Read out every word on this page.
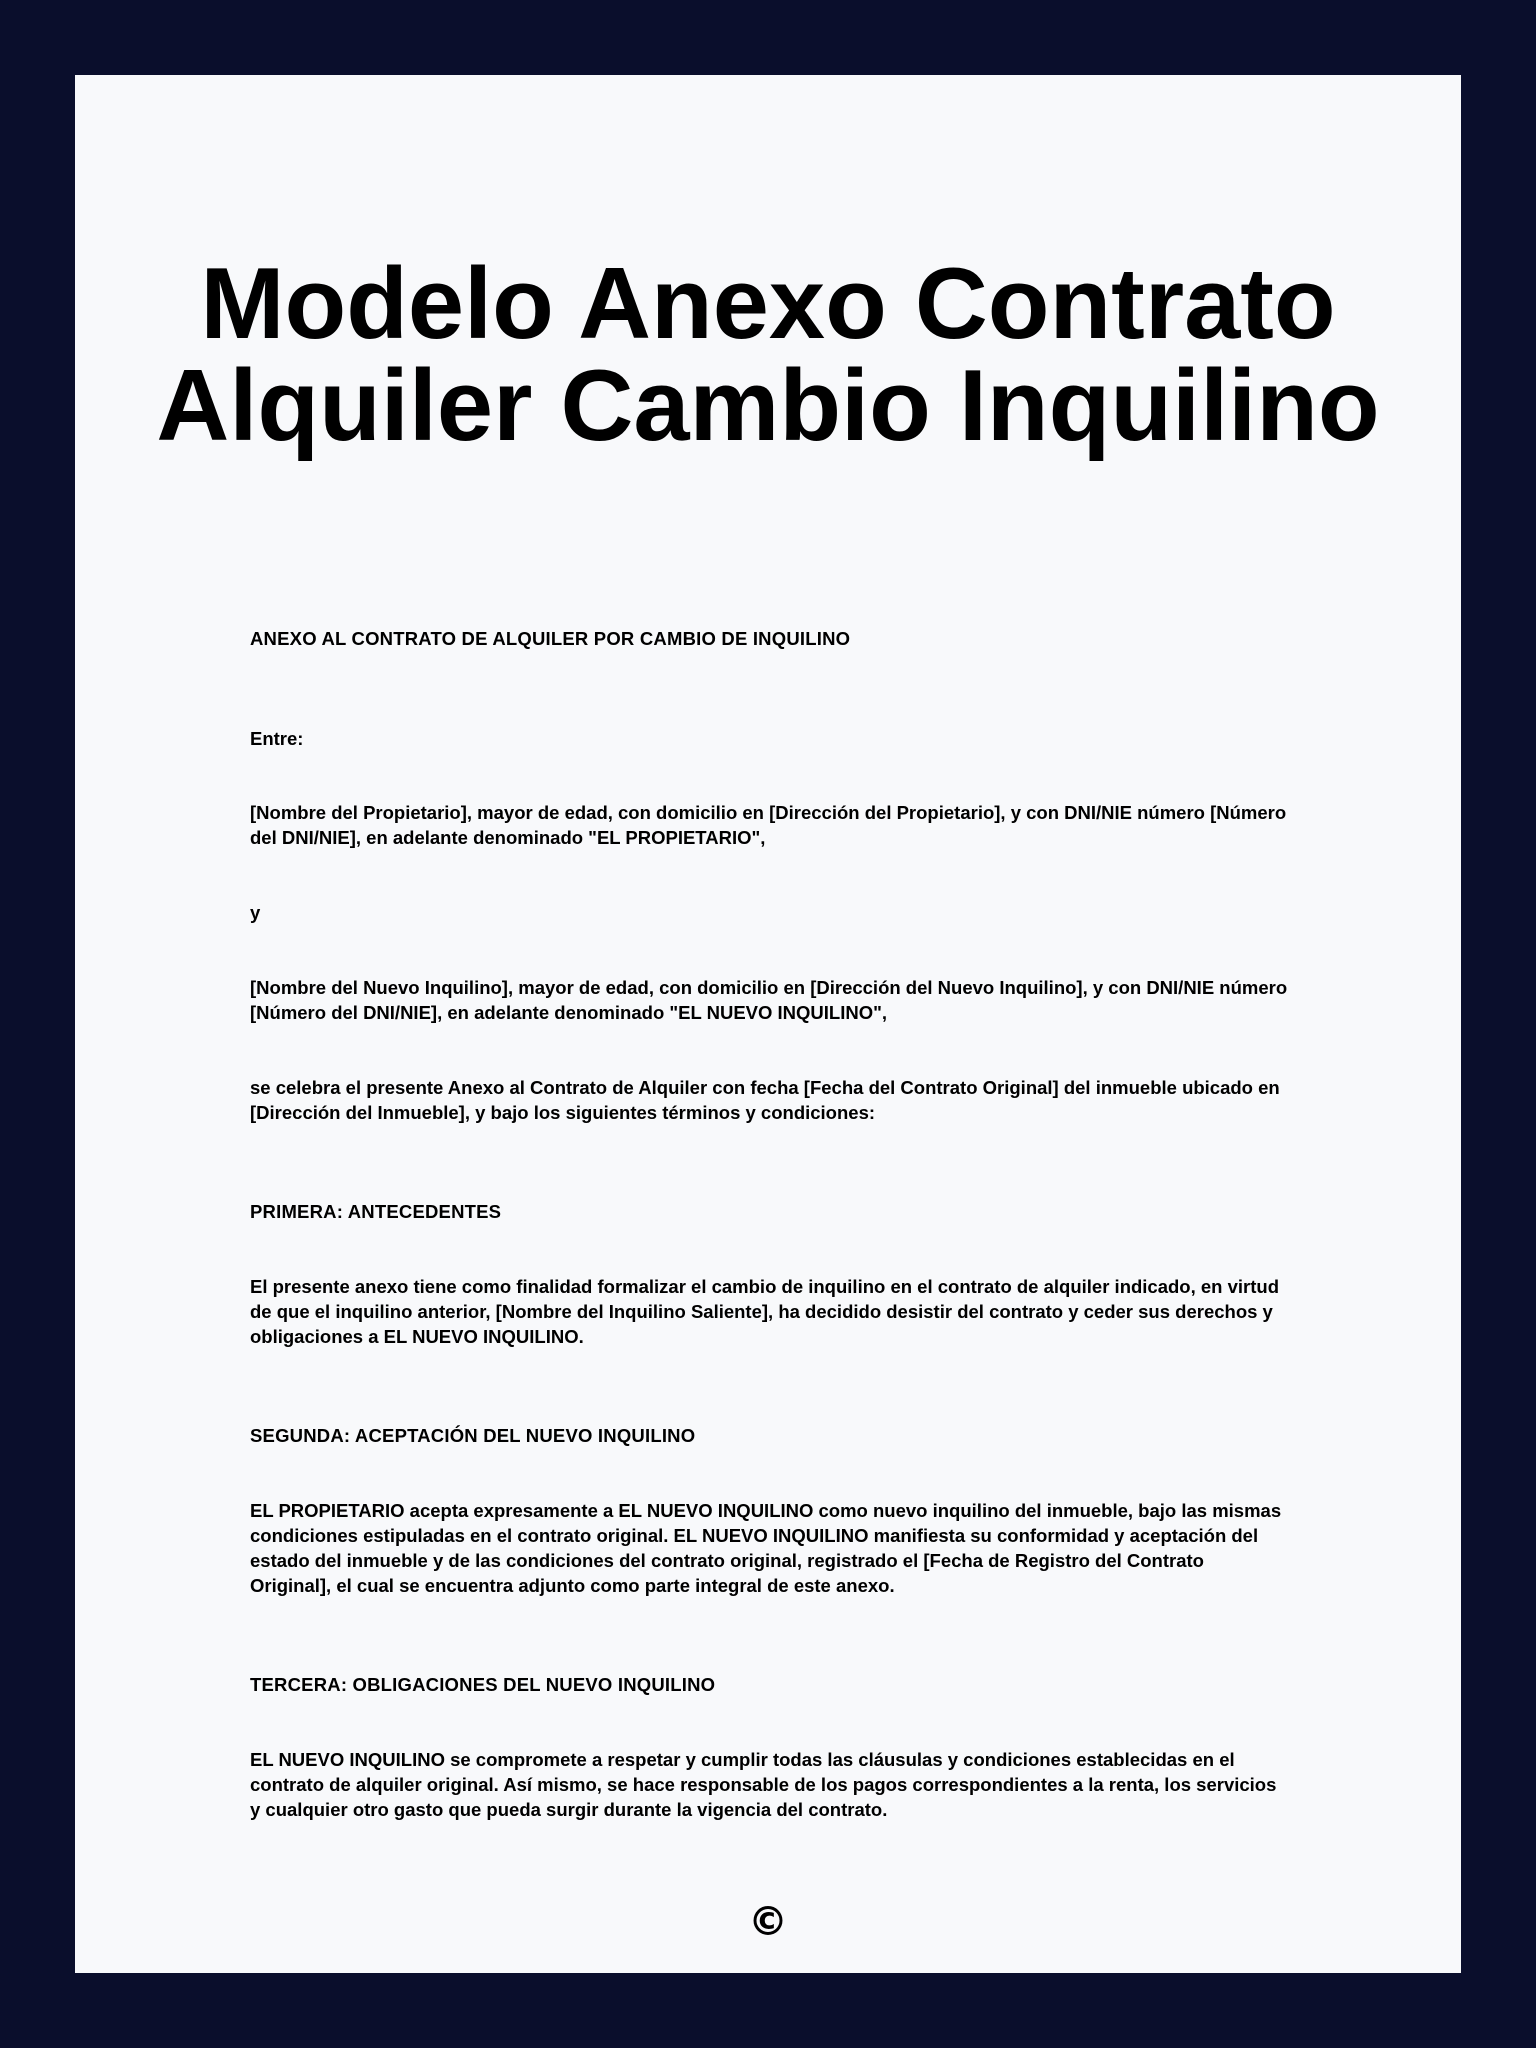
Modelo Anexo Contrato
Alquiler Cambio Inquilino

ANEXO AL CONTRATO DE ALQUILER POR CAMBIO DE INQUILINO

Entre:

[Nombre del Propietario], mayor de edad, con domicilio en [Dirección del Propietario], y con DNI/NIE número [Número del DNI/NIE], en adelante denominado "EL PROPIETARIO",

y

[Nombre del Nuevo Inquilino], mayor de edad, con domicilio en [Dirección del Nuevo Inquilino], y con DNI/NIE número [Número del DNI/NIE], en adelante denominado "EL NUEVO INQUILINO",

se celebra el presente Anexo al Contrato de Alquiler con fecha [Fecha del Contrato Original] del inmueble ubicado en [Dirección del Inmueble], y bajo los siguientes términos y condiciones:

PRIMERA: ANTECEDENTES

El presente anexo tiene como finalidad formalizar el cambio de inquilino en el contrato de alquiler indicado, en virtud de que el inquilino anterior, [Nombre del Inquilino Saliente], ha decidido desistir del contrato y ceder sus derechos y obligaciones a EL NUEVO INQUILINO.

SEGUNDA: ACEPTACIÓN DEL NUEVO INQUILINO

EL PROPIETARIO acepta expresamente a EL NUEVO INQUILINO como nuevo inquilino del inmueble, bajo las mismas condiciones estipuladas en el contrato original. EL NUEVO INQUILINO manifiesta su conformidad y aceptación del estado del inmueble y de las condiciones del contrato original, registrado el [Fecha de Registro del Contrato Original], el cual se encuentra adjunto como parte integral de este anexo.

TERCERA: OBLIGACIONES DEL NUEVO INQUILINO

EL NUEVO INQUILINO se compromete a respetar y cumplir todas las cláusulas y condiciones establecidas en el contrato de alquiler original. Así mismo, se hace responsable de los pagos correspondientes a la renta, los servicios y cualquier otro gasto que pueda surgir durante la vigencia del contrato.

©
